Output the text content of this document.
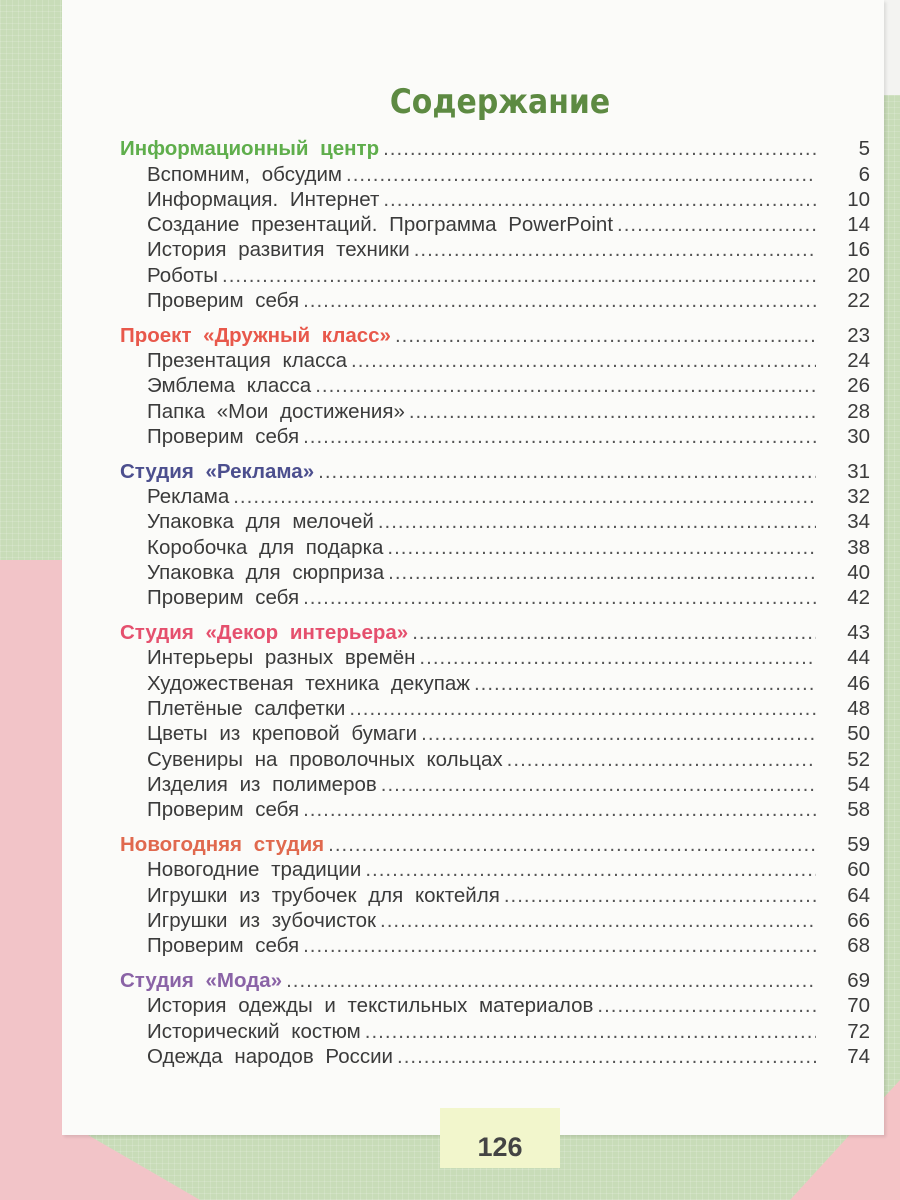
Содержание
Информационный центр .....	5
Вспомним, обсудим .....	6
Информация. Интернет .....	10
Создание презентаций. Программа PowerPoint .....	14
История развития техники .....	16
Роботы .....	20
Проверим себя .....	22
Проект «Дружный класс» .....	23
Презентация класса .....	24
Эмблема класса .....	26
Папка «Мои достижения» .....	28
Проверим себя .....	30
Студия «Реклама» .....	31
Реклама .....	32
Упаковка для мелочей .....	34
Коробочка для подарка .....	38
Упаковка для сюрприза .....	40
Проверим себя .....	42
Студия «Декор интерьера» .....	43
Интерьеры разных времён .....	44
Художественая техника декупаж .....	46
Плетёные салфетки .....	48
Цветы из креповой бумаги .....	50
Сувениры на проволочных кольцах .....	52
Изделия из полимеров .....	54
Проверим себя .....	58
Новогодняя студия .....	59
Новогодние традиции .....	60
Игрушки из трубочек для коктейля .....	64
Игрушки из зубочисток .....	66
Проверим себя .....	68
Студия «Мода» .....	69
История одежды и текстильных материалов .....	70
Исторический костюм .....	72
Одежда народов России .....	74
126
